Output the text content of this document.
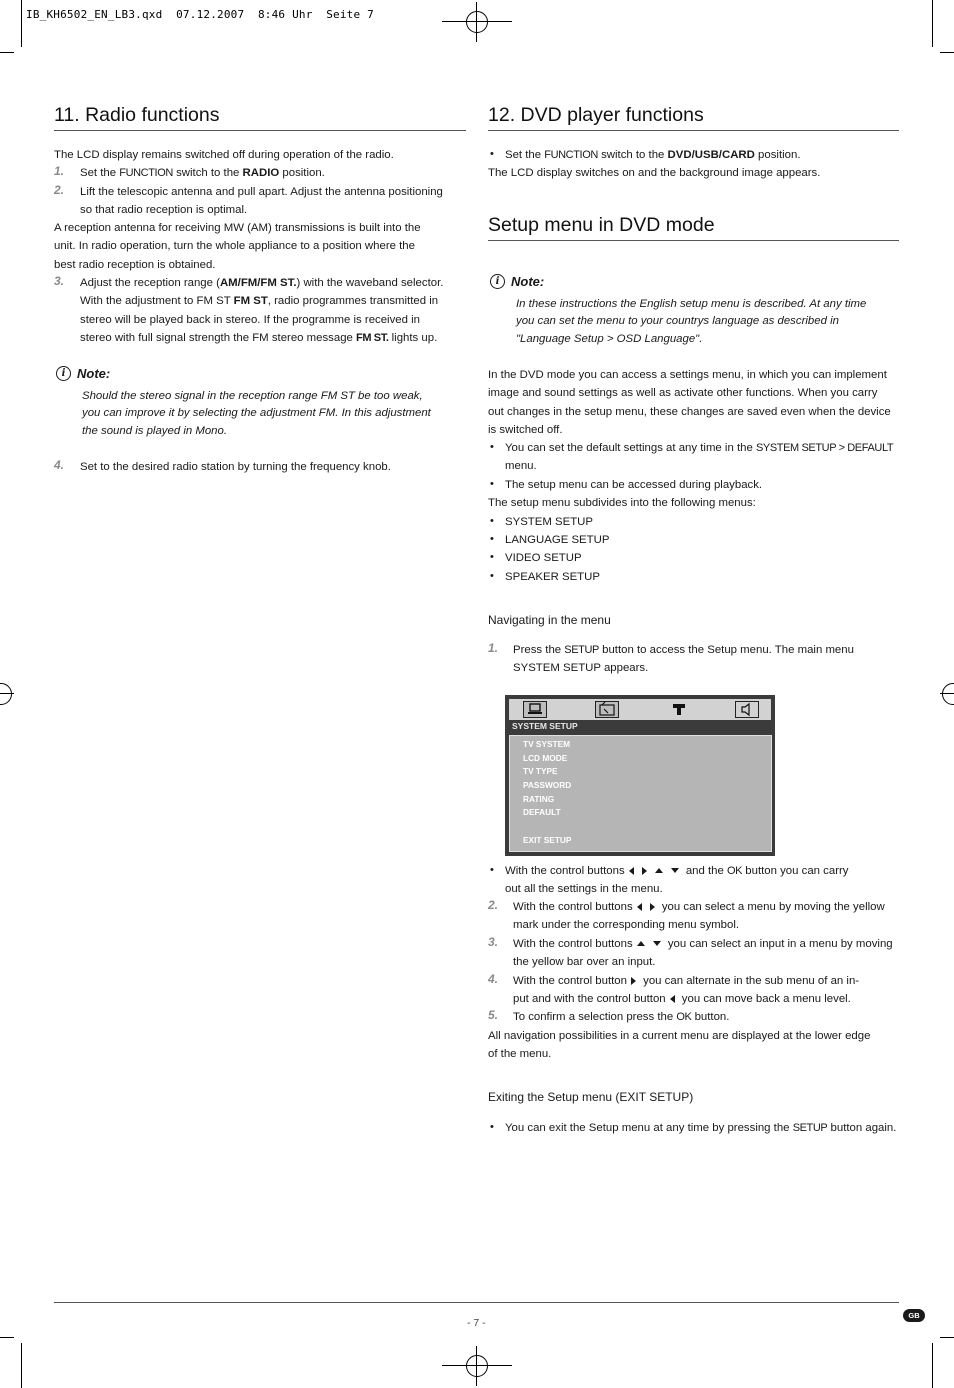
IB_KH6502_EN_LB3.qxd  07.12.2007  8:46 Uhr  Seite 7
11. Radio functions
The LCD display remains switched off during operation of the radio.
1. Set the FUNCTION switch to the RADIO position.
2. Lift the telescopic antenna and pull apart. Adjust the antenna positioning
so that radio reception is optimal.
A reception antenna for receiving MW (AM) transmissions is built into the
unit. In radio operation, turn the whole appliance to a position where the
best radio reception is obtained.
3. Adjust the reception range (AM/FM/FM ST.) with the waveband selector.
With the adjustment to FM ST FM ST, radio programmes transmitted in
stereo will be played back in stereo. If the programme is received in
stereo with full signal strength the FM stereo message FM ST. lights up.
i Note:
Should the stereo signal in the reception range FM ST be too weak,
you can improve it by selecting the adjustment FM. In this adjustment
the sound is played in Mono.
4. Set to the desired radio station by turning the frequency knob.
12. DVD player functions
• Set the FUNCTION switch to the DVD/USB/CARD position.
The LCD display switches on and the background image appears.
Setup menu in DVD mode
i Note:
In these instructions the English setup menu is described. At any time
you can set the menu to your countrys language as described in
"Language Setup > OSD Language".
In the DVD mode you can access a settings menu, in which you can implement
image and sound settings as well as activate other functions. When you carry
out changes in the setup menu, these changes are saved even when the device
is switched off.
• You can set the default settings at any time in the SYSTEM SETUP > DEFAULT
menu.
• The setup menu can be accessed during playback.
The setup menu subdivides into the following menus:
• SYSTEM SETUP
• LANGUAGE SETUP
• VIDEO SETUP
• SPEAKER SETUP
Navigating in the menu
1. Press the SETUP button to access the Setup menu. The main menu
SYSTEM SETUP appears.
SYSTEM SETUP
TV SYSTEM
LCD MODE
TV TYPE
PASSWORD
RATING
DEFAULT
EXIT SETUP
• With the control buttons	and the OK button you can carry
out all the settings in the menu.
2. With the control buttons	you can select a menu by moving the yellow
mark under the corresponding menu symbol.
3. With the control buttons	you can select an input in a menu by moving
the yellow bar over an input.
4. With the control button you can alternate in the sub menu of an in-
put and with the control button you can move back a menu level.
5. To confirm a selection press the OK button.
All navigation possibilities in a current menu are displayed at the lower edge
of the menu.
Exiting the Setup menu (EXIT SETUP)
• You can exit the Setup menu at any time by pressing the SETUP button again.
- 7 -
GB
